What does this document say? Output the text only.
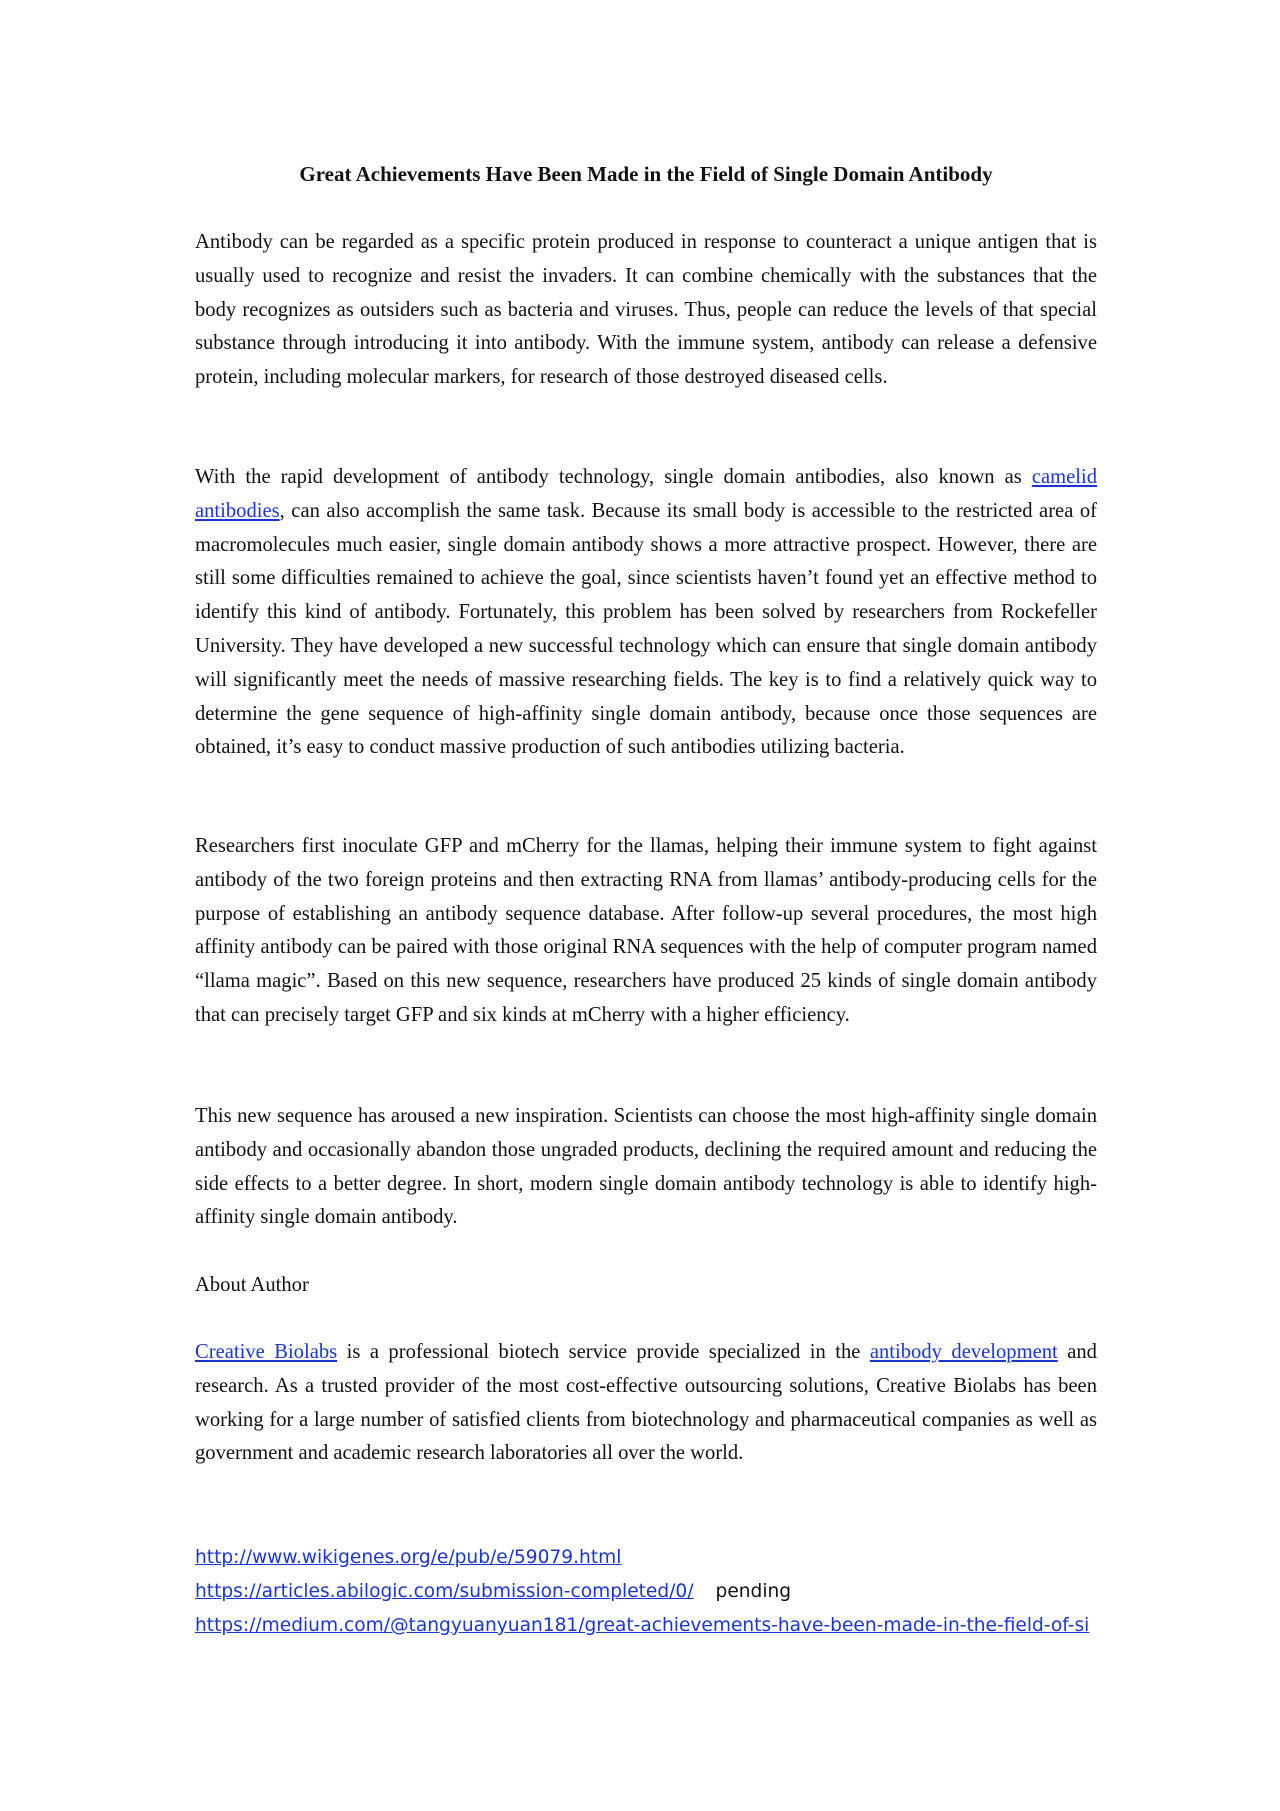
Great Achievements Have Been Made in the Field of Single Domain Antibody

Antibody can be regarded as a specific protein produced in response to counteract a unique antigen that is usually used to recognize and resist the invaders. It can combine chemically with the substances that the body recognizes as outsiders such as bacteria and viruses. Thus, people can reduce the levels of that special substance through introducing it into antibody. With the immune system, antibody can release a defensive protein, including molecular markers, for research of those destroyed diseased cells.

With the rapid development of antibody technology, single domain antibodies, also known as camelid antibodies, can also accomplish the same task. Because its small body is accessible to the restricted area of macromolecules much easier, single domain antibody shows a more attractive prospect. However, there are still some difficulties remained to achieve the goal, since scientists haven’t found yet an effective method to identify this kind of antibody. Fortunately, this problem has been solved by researchers from Rockefeller University. They have developed a new successful technology which can ensure that single domain antibody will significantly meet the needs of massive researching fields. The key is to find a relatively quick way to determine the gene sequence of high-affinity single domain antibody, because once those sequences are obtained, it’s easy to conduct massive production of such antibodies utilizing bacteria.

Researchers first inoculate GFP and mCherry for the llamas, helping their immune system to fight against antibody of the two foreign proteins and then extracting RNA from llamas’ antibody-producing cells for the purpose of establishing an antibody sequence database. After follow-up several procedures, the most high affinity antibody can be paired with those original RNA sequences with the help of computer program named “llama magic”. Based on this new sequence, researchers have produced 25 kinds of single domain antibody that can precisely target GFP and six kinds at mCherry with a higher efficiency.

This new sequence has aroused a new inspiration. Scientists can choose the most high-affinity single domain antibody and occasionally abandon those ungraded products, declining the required amount and reducing the side effects to a better degree. In short, modern single domain antibody technology is able to identify high-affinity single domain antibody.

About Author

Creative Biolabs is a professional biotech service provide specialized in the antibody development and research. As a trusted provider of the most cost-effective outsourcing solutions, Creative Biolabs has been working for a large number of satisfied clients from biotechnology and pharmaceutical companies as well as government and academic research laboratories all over the world.

http://www.wikigenes.org/e/pub/e/59079.html
https://articles.abilogic.com/submission-completed/0/ pending
https://medium.com/@tangyuanyuan181/great-achievements-have-been-made-in-the-field-of-si
